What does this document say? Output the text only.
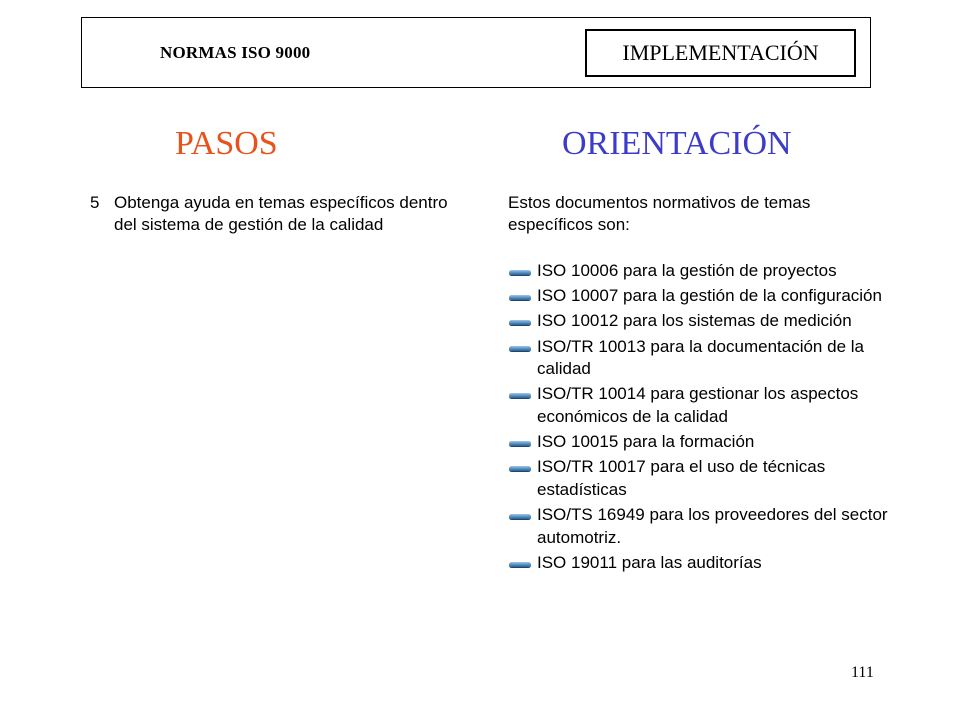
NORMAS ISO 9000	IMPLEMENTACIÓN
PASOS	ORIENTACIÓN
5 Obtenga ayuda en temas específicos dentro del sistema de gestión de la calidad
Estos documentos normativos de temas específicos son:
ISO 10006 para la gestión de proyectos
ISO 10007 para la gestión de la configuración
ISO 10012 para los sistemas de medición
ISO/TR 10013 para la documentación de la calidad
ISO/TR 10014 para gestionar los aspectos económicos de la calidad
ISO 10015 para la formación
ISO/TR 10017 para el uso de técnicas estadísticas
ISO/TS 16949 para los proveedores del sector automotriz.
ISO 19011 para las auditorías
111
